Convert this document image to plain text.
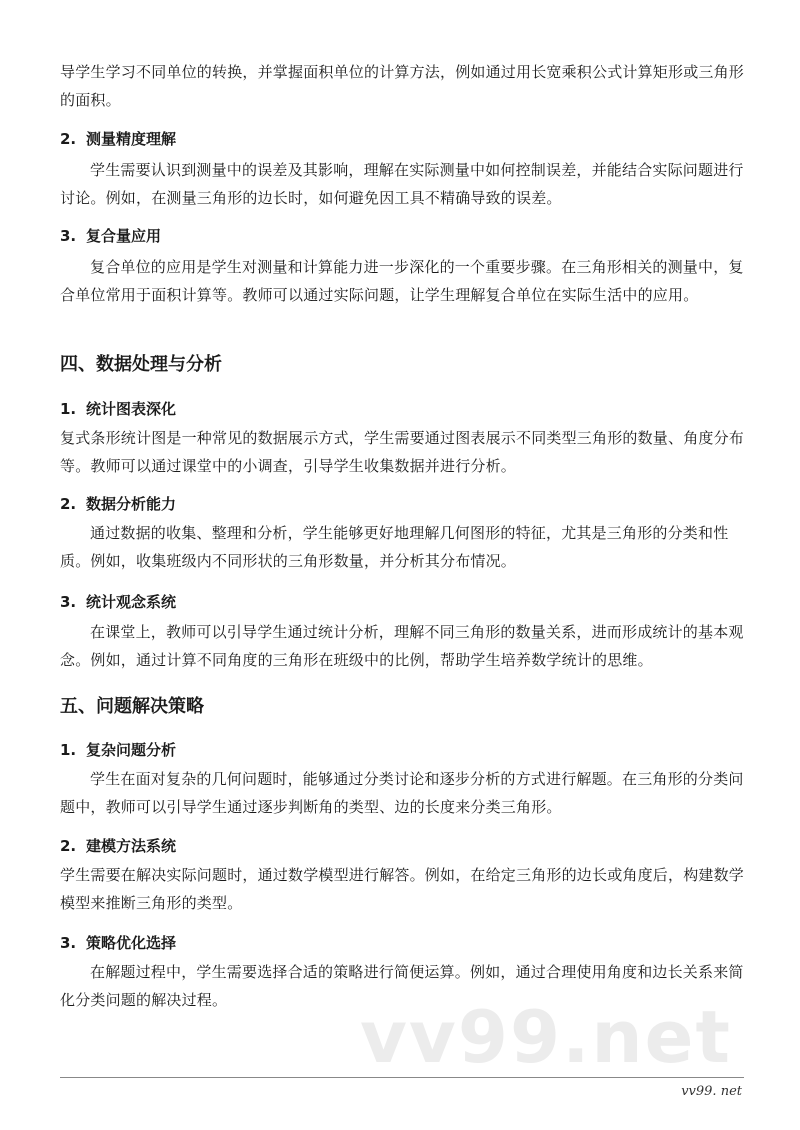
vv99.net

导学生学习不同单位的转换，并掌握面积单位的计算方法，例如通过用长宽乘积公式计算矩形或三角形的面积。

2. 测量精度理解

学生需要认识到测量中的误差及其影响，理解在实际测量中如何控制误差，并能结合实际问题进行讨论。例如，在测量三角形的边长时，如何避免因工具不精确导致的误差。

3. 复合量应用

复合单位的应用是学生对测量和计算能力进一步深化的一个重要步骤。在三角形相关的测量中，复合单位常用于面积计算等。教师可以通过实际问题，让学生理解复合单位在实际生活中的应用。

四、数据处理与分析
1. 统计图表深化

复式条形统计图是一种常见的数据展示方式，学生需要通过图表展示不同类型三角形的数量、角度分布等。教师可以通过课堂中的小调查，引导学生收集数据并进行分析。

2. 数据分析能力

通过数据的收集、整理和分析，学生能够更好地理解几何图形的特征，尤其是三角形的分类和性质。例如，收集班级内不同形状的三角形数量，并分析其分布情况。

3. 统计观念系统

在课堂上，教师可以引导学生通过统计分析，理解不同三角形的数量关系，进而形成统计的基本观念。例如，通过计算不同角度的三角形在班级中的比例，帮助学生培养数学统计的思维。

五、问题解决策略
1. 复杂问题分析

学生在面对复杂的几何问题时，能够通过分类讨论和逐步分析的方式进行解题。在三角形的分类问题中，教师可以引导学生通过逐步判断角的类型、边的长度来分类三角形。

2. 建模方法系统

学生需要在解决实际问题时，通过数学模型进行解答。例如，在给定三角形的边长或角度后，构建数学模型来推断三角形的类型。

3. 策略优化选择

在解题过程中，学生需要选择合适的策略进行简便运算。例如，通过合理使用角度和边长关系来简化分类问题的解决过程。

vv99. net
